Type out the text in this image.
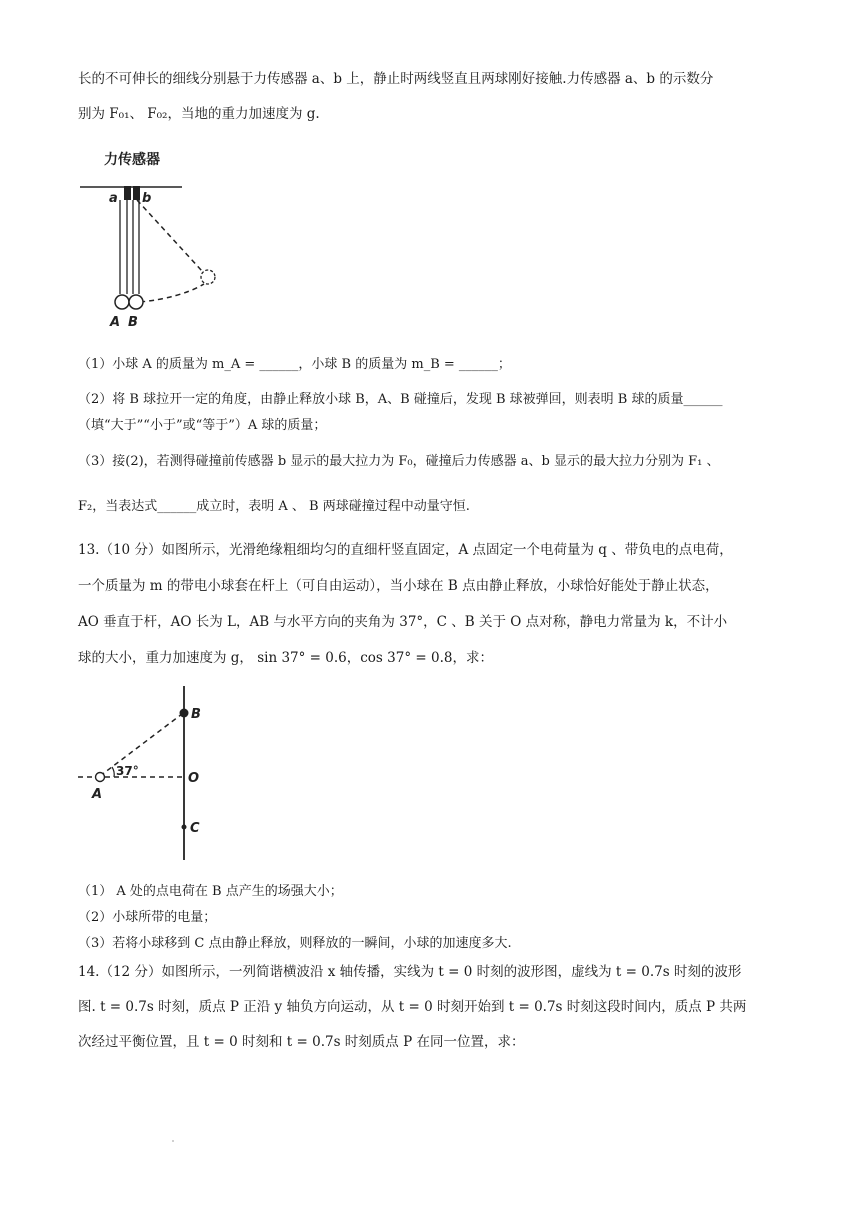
长的不可伸长的细线分别悬于力传感器 a、b 上，静止时两线竖直且两球刚好接触.力传感器 a、b 的示数分
别为 F₀₁、 F₀₂，当地的重力加速度为 g.
力传感器
a b
A B
（1）小球 A 的质量为 m_A = ______，小球 B 的质量为 m_B = ______；
（2）将 B 球拉开一定的角度，由静止释放小球 B，A、B 碰撞后，发现 B 球被弹回，则表明 B 球的质量______
（填“大于”“小于”或“等于”）A 球的质量；
（3）接(2)，若测得碰撞前传感器 b 显示的最大拉力为 F₀，碰撞后力传感器 a、b 显示的最大拉力分别为 F₁ 、
F₂，当表达式______成立时，表明 A 、 B 两球碰撞过程中动量守恒.
13.（10 分）如图所示，光滑绝缘粗细均匀的直细杆竖直固定，A 点固定一个电荷量为 q 、带负电的点电荷，
一个质量为 m 的带电小球套在杆上（可自由运动），当小球在 B 点由静止释放，小球恰好能处于静止状态，
AO 垂直于杆，AO 长为 L，AB 与水平方向的夹角为 37°，C 、B 关于 O 点对称，静电力常量为 k，不计小
球的大小，重力加速度为 g， sin 37° = 0.6，cos 37° = 0.8，求：
37°
A
B
O
C
（1） A 处的点电荷在 B 点产生的场强大小；
（2）小球所带的电量；
（3）若将小球移到 C 点由静止释放，则释放的一瞬间，小球的加速度多大.
14.（12 分）如图所示，一列简谐横波沿 x 轴传播，实线为 t = 0 时刻的波形图，虚线为 t = 0.7s 时刻的波形
图. t = 0.7s 时刻，质点 P 正沿 y 轴负方向运动，从 t = 0 时刻开始到 t = 0.7s 时刻这段时间内，质点 P 共两
次经过平衡位置，且 t = 0 时刻和 t = 0.7s 时刻质点 P 在同一位置，求：
